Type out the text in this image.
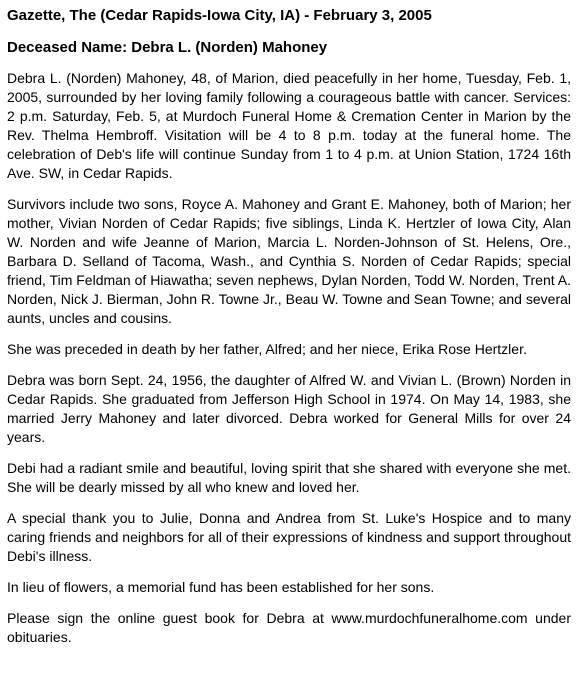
Gazette, The (Cedar Rapids-Iowa City, IA) - February 3, 2005

Deceased Name: Debra L. (Norden) Mahoney

Debra L. (Norden) Mahoney, 48, of Marion, died peacefully in her home, Tuesday, Feb. 1, 2005, surrounded by her loving family following a courageous battle with cancer. Services: 2 p.m. Saturday, Feb. 5, at Murdoch Funeral Home & Cremation Center in Marion by the Rev. Thelma Hembroff. Visitation will be 4 to 8 p.m. today at the funeral home. The celebration of Deb's life will continue Sunday from 1 to 4 p.m. at Union Station, 1724 16th Ave. SW, in Cedar Rapids.

Survivors include two sons, Royce A. Mahoney and Grant E. Mahoney, both of Marion; her mother, Vivian Norden of Cedar Rapids; five siblings, Linda K. Hertzler of Iowa City, Alan W. Norden and wife Jeanne of Marion, Marcia L. Norden-Johnson of St. Helens, Ore., Barbara D. Selland of Tacoma, Wash., and Cynthia S. Norden of Cedar Rapids; special friend, Tim Feldman of Hiawatha; seven nephews, Dylan Norden, Todd W. Norden, Trent A. Norden, Nick J. Bierman, John R. Towne Jr., Beau W. Towne and Sean Towne; and several aunts, uncles and cousins.

She was preceded in death by her father, Alfred; and her niece, Erika Rose Hertzler.

Debra was born Sept. 24, 1956, the daughter of Alfred W. and Vivian L. (Brown) Norden in Cedar Rapids. She graduated from Jefferson High School in 1974. On May 14, 1983, she married Jerry Mahoney and later divorced. Debra worked for General Mills for over 24 years.

Debi had a radiant smile and beautiful, loving spirit that she shared with everyone she met. She will be dearly missed by all who knew and loved her.

A special thank you to Julie, Donna and Andrea from St. Luke's Hospice and to many caring friends and neighbors for all of their expressions of kindness and support throughout Debi's illness.

In lieu of flowers, a memorial fund has been established for her sons.

Please sign the online guest book for Debra at www.murdochfuneralhome.com under obituaries.
